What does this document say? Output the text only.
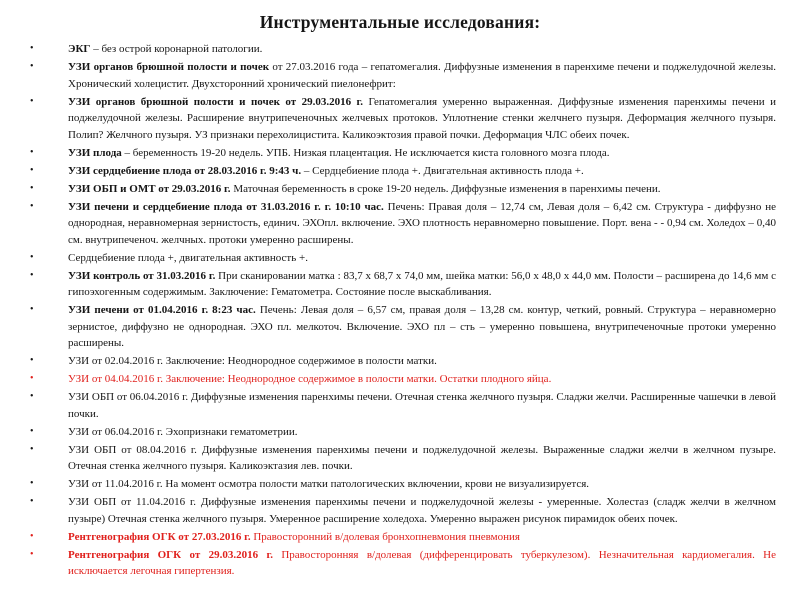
Инструментальные исследования:
•	ЭКГ – без острой коронарной патологии.
•	УЗИ органов брюшной полости и почек от 27.03.2016 года – гепатомегалия. Диффузные изменения в паренхиме печени и поджелудочной железы. Хронический холецистит. Двухсторонний хронический пиелонефрит:
•	УЗИ органов брюшной полости и почек от 29.03.2016 г. Гепатомегалия умеренно выраженная. Диффузные изменения паренхимы печени и поджелудочной железы. Расширение внутрипеченочных желчевых протоков. Уплотнение стенки желчнего пузыря. Деформация желчного пузыря. Полип? Желчного пузыря. УЗ признаки перехолицистита. Каликоэктозия правой почки. Деформация ЧЛС обеих почек.
•	УЗИ плода – беременность 19-20 недель. УПБ. Низкая плацентация. Не исключается киста головного мозга плода.
•	УЗИ сердцебиение плода от 28.03.2016 г. 9:43 ч. – Сердцебиение плода +. Двигательная активность плода +.
•	УЗИ ОБП и ОМТ от 29.03.2016 г. Маточная беременность в сроке 19-20 недель. Диффузные изменения в паренхимы печени.
•	УЗИ печени и сердцебиение плода от 31.03.2016 г. г. 10:10 час. Печень: Правая доля – 12,74 см, Левая доля – 6,42 см. Структура - диффузно не однородная, неравномерная зернистость, единич. ЭХОпл. включение. ЭХО плотность неравномерно повышение. Порт. вена - - 0,94 см. Холедох – 0,40 см. внутрипеченоч. желчных. протоки умеренно расширены.
•	Сердцебиение плода +, двигательная активность +.
•	УЗИ контроль от 31.03.2016 г. При сканировании матка : 83,7 х 68,7 х 74,0 мм, шейка матки: 56,0 х 48,0 х 44,0 мм. Полости – расширена до 14,6 мм с гипоэхогенным содержимым. Заключение: Гематометра. Состояние после выскабливания.
•	УЗИ печени от 01.04.2016 г. 8:23 час. Печень: Левая доля – 6,57 см, правая доля – 13,28 см. контур, четкий, ровный. Структура – неравномерно зернистое, диффузно не однородная. ЭХО пл. мелкоточ. Включение. ЭХО пл – сть – умеренно повышена, внутрипеченочные протоки умеренно расширены.
•	УЗИ от 02.04.2016 г. Заключение: Неоднородное содержимое в полости матки.
•	УЗИ от 04.04.2016 г. Заключение: Неоднородное содержимое в полости матки. Остатки плодного яйца.
•	УЗИ ОБП от 06.04.2016 г. Диффузные изменения паренхимы печени. Отечная стенка желчного пузыря. Сладжи желчи. Расширенные чашечки в левой почки.
•	УЗИ от 06.04.2016 г. Эхопризнаки гематометрии.
•	УЗИ ОБП от 08.04.2016 г. Диффузные изменения паренхимы печени и поджелудочной железы. Выраженные сладжи желчи в желчном пузыре. Отечная стенка желчного пузыря. Каликоэктазия лев. почки.
•	УЗИ от 11.04.2016 г. На момент осмотра полости матки патологических включении, крови не визуализируется.
•	УЗИ ОБП от 11.04.2016 г. Диффузные изменения паренхимы печени и поджелудочной железы - умеренные. Холестаз (сладж желчи в желчном пузыре) Отечная стенка желчного пузыря. Умеренное расширение холедоха. Умеренно выражен рисунок пирамидок обеих почек.
•	Рентгенография ОГК от 27.03.2016 г. Правосторонний в/долевая бронхопневмония пневмония
•	Рентгенография ОГК от 29.03.2016 г. Правосторонняя в/долевая (дифференцировать туберкулезом). Незначительная кардиомегалия. Не исключается легочная гипертензия.
